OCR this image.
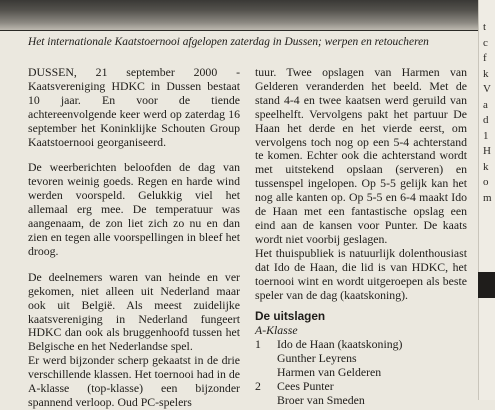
t
c
f
k
V
a
d
1
H
k
o
m
Het internationale Kaatstoernooi afgelopen zaterdag in Dussen; werpen en retoucheren

DUSSEN, 21 september 2000 - Kaatsvereniging HDKC in Dussen bestaat 10 jaar. En voor de tiende achtereenvolgende keer werd op zaterdag 16 september het Koninklijke Schouten Group Kaatstoernooi georganiseerd.

De weerberichten beloofden de dag van tevoren weinig goeds. Regen en harde wind werden voorspeld. Gelukkig viel het allemaal erg mee. De temperatuur was aangenaam, de zon liet zich zo nu en dan zien en tegen alle voorspellingen in bleef het droog.

De deelnemers waren van heinde en ver gekomen, niet alleen uit Nederland maar ook uit België. Als meest zuidelijke kaatsvereniging in Nederland fungeert HDKC dan ook als bruggenhoofd tussen het Belgische en het Nederlandse spel.

Er werd bijzonder scherp gekaatst in de drie verschillende klassen. Het toernooi had in de A-klasse (top-klasse) een bijzonder spannend verloop. Oud PC-spelers

tuur. Twee opslagen van Harmen van Gelderen veranderden het beeld. Met de stand 4-4 en twee kaatsen werd geruild van speelhelft. Vervolgens pakt het partuur De Haan het derde en het vierde eerst, om vervolgens toch nog op een 5-4 achterstand te komen. Echter ook die achterstand wordt met uitstekend opslaan (serveren) en tussenspel ingelopen. Op 5-5 gelijk kan het nog alle kanten op. Op 5-5 en 6-4 maakt Ido de Haan met een fantastische opslag een eind aan de kansen voor Punter. De kaats wordt niet voorbij geslagen.

Het thuispubliek is natuurlijk dolenthousiast dat Ido de Haan, die lid is van HDKC, het toernooi wint en wordt uitgeroepen als beste speler van de dag (kaatskoning).

De uitslagen
A-Klasse
1	Ido de Haan (kaatskoning)
Gunther Leyrens
Harmen van Gelderen
2	Cees Punter
Broer van Smeden
